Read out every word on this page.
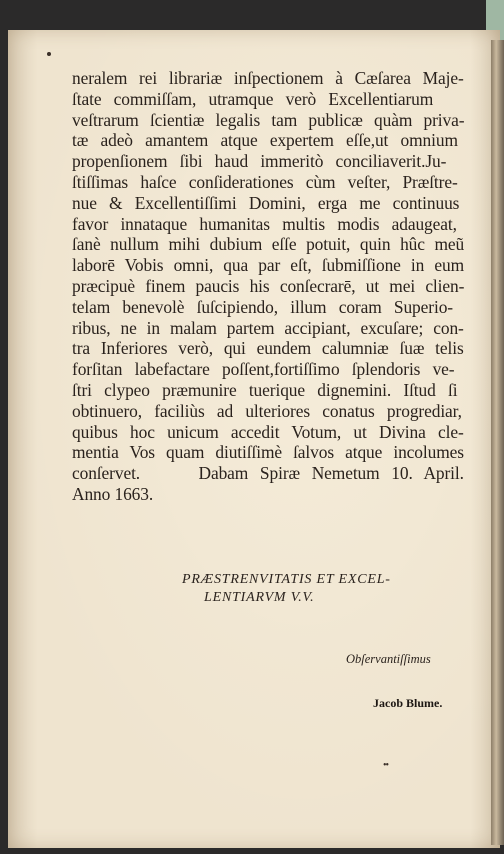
neralem rei librariæ inſpectionem à Cæſarea Maje-
ſtate commiſſam, utramque verò Excellentiarum
veſtrarum ſcientiæ legalis tam publicæ quàm priva-
tæ adeò amantem atque expertem eſſe,ut omnium
propenſionem ſibi haud immeritò conciliaverit.Ju-
ſtiſſimas haſce conſiderationes cùm veſter, Præſtre-
nue & Excellentiſſimi Domini, erga me continuus
favor innataque humanitas multis modis adaugeat,
ſanè nullum mihi dubium eſſe potuit, quin hûc meũ
laborē Vobis omni, qua par eſt, ſubmiſſione in eum
præcipuè finem paucis his conſecrarē, ut mei clien-
telam benevolè ſuſcipiendo, illum coram Superio-
ribus, ne in malam partem accipiant, excuſare; con-
tra Inferiores verò, qui eundem calumniæ ſuæ telis
forſitan labefactare poſſent,fortiſſimo ſplendoris ve-
ſtri clypeo præmunire tuerique dignemini. Iſtud ſi
obtinuero, faciliùs ad ulteriores conatus progrediar,
quibus hoc unicum accedit Votum, ut Divina cle-
mentia Vos quam diutiſſimè ſalvos atque incolumes
conſervet.     Dabam Spiræ Nemetum 10. April.
Anno 1663.
PRÆSTRENVITATIS ET EXCEL-
LENTIARVM V.V.
Obſervantiſſimus
Jacob Blume.
••
